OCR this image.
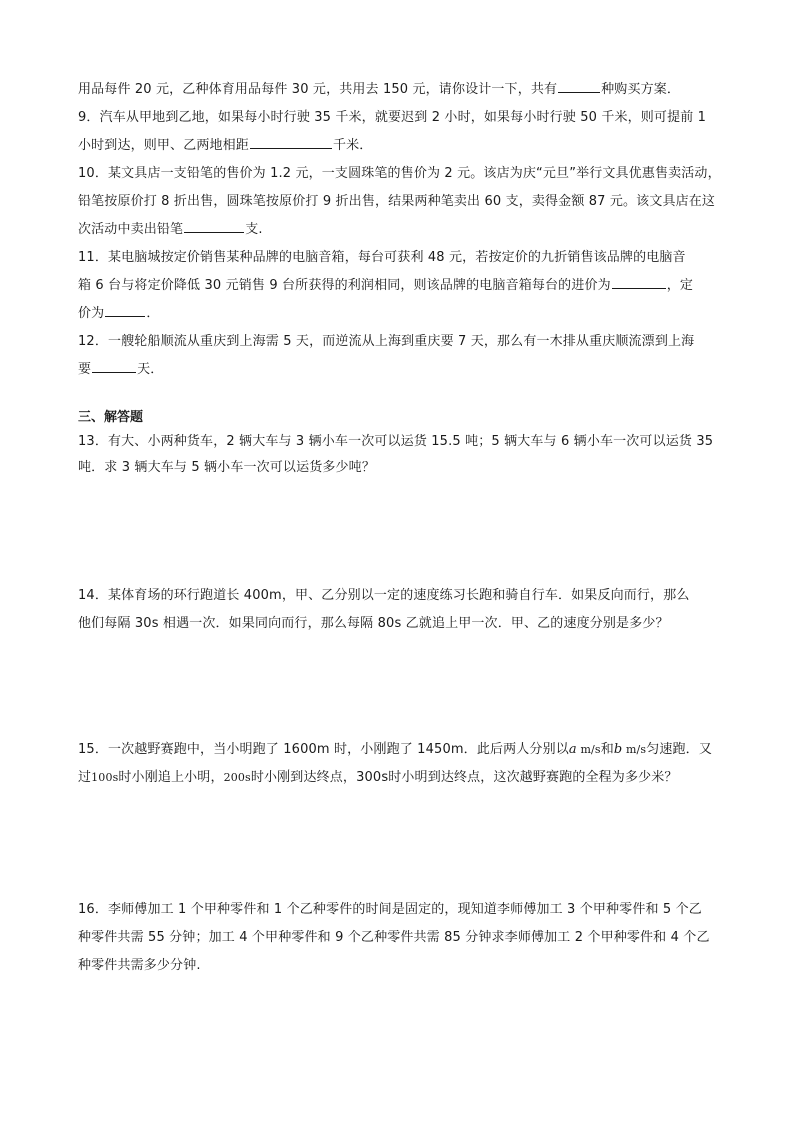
用品每件 20 元，乙种体育用品每件 30 元，共用去 150 元，请你设计一下，共有	种购买方案．
9．汽车从甲地到乙地，如果每小时行驶 35 千米，就要迟到 2 小时，如果每小时行驶 50 千米，则可提前 1
小时到达，则甲、乙两地相距	千米．
10．某文具店一支铅笔的售价为 1.2 元，一支圆珠笔的售价为 2 元。该店为庆“元旦”举行文具优惠售卖活动，
铅笔按原价打 8 折出售，圆珠笔按原价打 9 折出售，结果两种笔卖出 60 支，卖得金额 87 元。该文具店在这
次活动中卖出铅笔	支.
11．某电脑城按定价销售某种品牌的电脑音箱，每台可获利 48 元，若按定价的九折销售该品牌的电脑音
箱 6 台与将定价降低 30 元销售 9 台所获得的利润相同，则该品牌的电脑音箱每台的进价为	，定
价为	．
12．一艘轮船顺流从重庆到上海需 5 天，而逆流从上海到重庆要 7 天，那么有一木排从重庆顺流漂到上海
要	天．
三、解答题
13．有大、小两种货车，2 辆大车与 3 辆小车一次可以运货 15.5 吨；5 辆大车与 6 辆小车一次可以运货 35
吨．求 3 辆大车与 5 辆小车一次可以运货多少吨？
14．某体育场的环行跑道长 400m，甲、乙分别以一定的速度练习长跑和骑自行车．如果反向而行，那么
他们每隔 30s 相遇一次．如果同向而行，那么每隔 80s 乙就追上甲一次．甲、乙的速度分别是多少？
15．一次越野赛跑中，当小明跑了 1600m 时，小刚跑了 1450m．此后两人分别以a m/s和b m/s匀速跑．又
过100s时小刚追上小明，200s时小刚到达终点，300s时小明到达终点，这次越野赛跑的全程为多少米？
16．李师傅加工 1 个甲种零件和 1 个乙种零件的时间是固定的，现知道李师傅加工 3 个甲种零件和 5 个乙
种零件共需 55 分钟；加工 4 个甲种零件和 9 个乙种零件共需 85 分钟求李师傅加工 2 个甲种零件和 4 个乙
种零件共需多少分钟.
